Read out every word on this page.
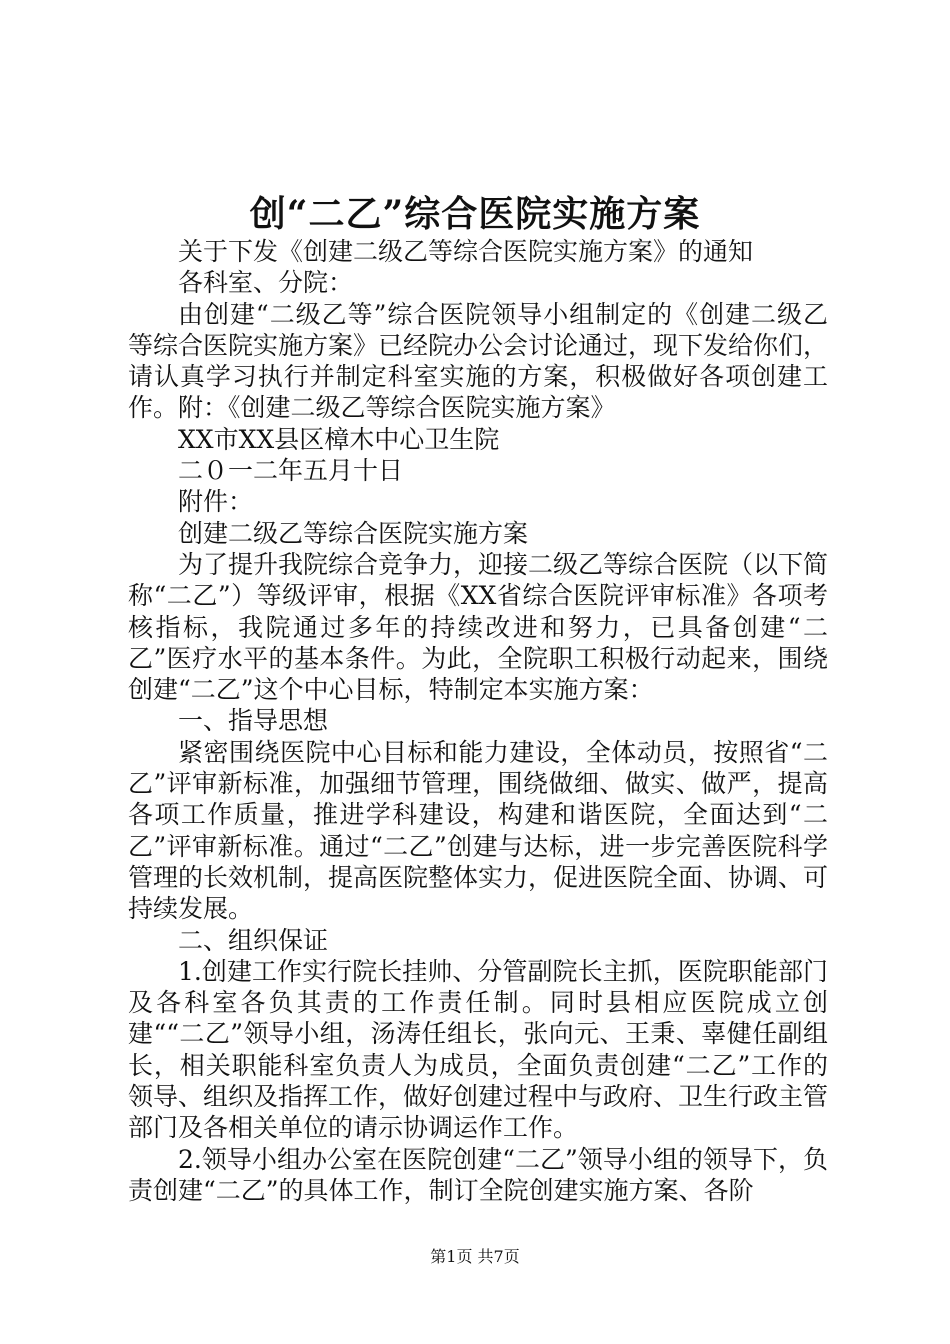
创“二乙”综合医院实施方案

关于下发《创建二级乙等综合医院实施方案》的通知

各科室、分院：

由创建“二级乙等”综合医院领导小组制定的《创建二级乙等综合医院实施方案》已经院办公会讨论通过，现下发给你们，请认真学习执行并制定科室实施的方案，积极做好各项创建工作。附：《创建二级乙等综合医院实施方案》

XX市XX县区樟木中心卫生院

二０一二年五月十日

附件：

创建二级乙等综合医院实施方案

为了提升我院综合竞争力，迎接二级乙等综合医院（以下简称“二乙”）等级评审，根据《XX省综合医院评审标准》各项考核指标，我院通过多年的持续改进和努力，已具备创建“二乙”医疗水平的基本条件。为此，全院职工积极行动起来，围绕创建“二乙”这个中心目标，特制定本实施方案：

一、指导思想

紧密围绕医院中心目标和能力建设，全体动员，按照省“二乙”评审新标准，加强细节管理，围绕做细、做实、做严，提高各项工作质量，推进学科建设，构建和谐医院，全面达到“二乙”评审新标准。通过“二乙”创建与达标，进一步完善医院科学管理的长效机制，提高医院整体实力，促进医院全面、协调、可持续发展。

二、组织保证

1.创建工作实行院长挂帅、分管副院长主抓，医院职能部门及各科室各负其责的工作责任制。同时县相应医院成立创建““二乙”领导小组，汤涛任组长，张向元、王秉、辜健任副组长，相关职能科室负责人为成员，全面负责创建“二乙”工作的领导、组织及指挥工作，做好创建过程中与政府、卫生行政主管部门及各相关单位的请示协调运作工作。

2.领导小组办公室在医院创建“二乙”领导小组的领导下，负责创建“二乙”的具体工作，制订全院创建实施方案、各阶

第1页 共7页
